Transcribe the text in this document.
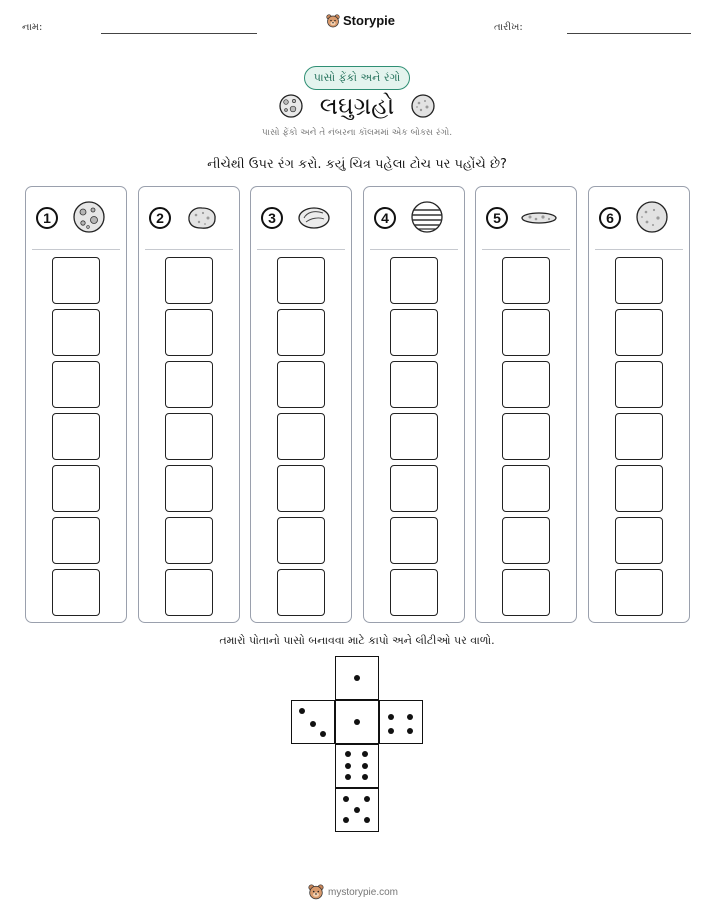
નામ:	Storypie	તારીખ:
પાસો ફેંકો અને રંગો
લઘુગ્રહો
પાસો ફેંકો અને તે નંબરના કૉલમમાં એક બોક્સ રંગો.
નીચેથી ઉપર રંગ કરો. કયું ચિત્ર પહેલા ટોચ પર પહોંચે છે?
1	2	3	4	5	6
તમારો પોતાનો પાસો બનાવવા માટે કાપો અને લીટીઓ પર વાળો.
mystorypie.com
